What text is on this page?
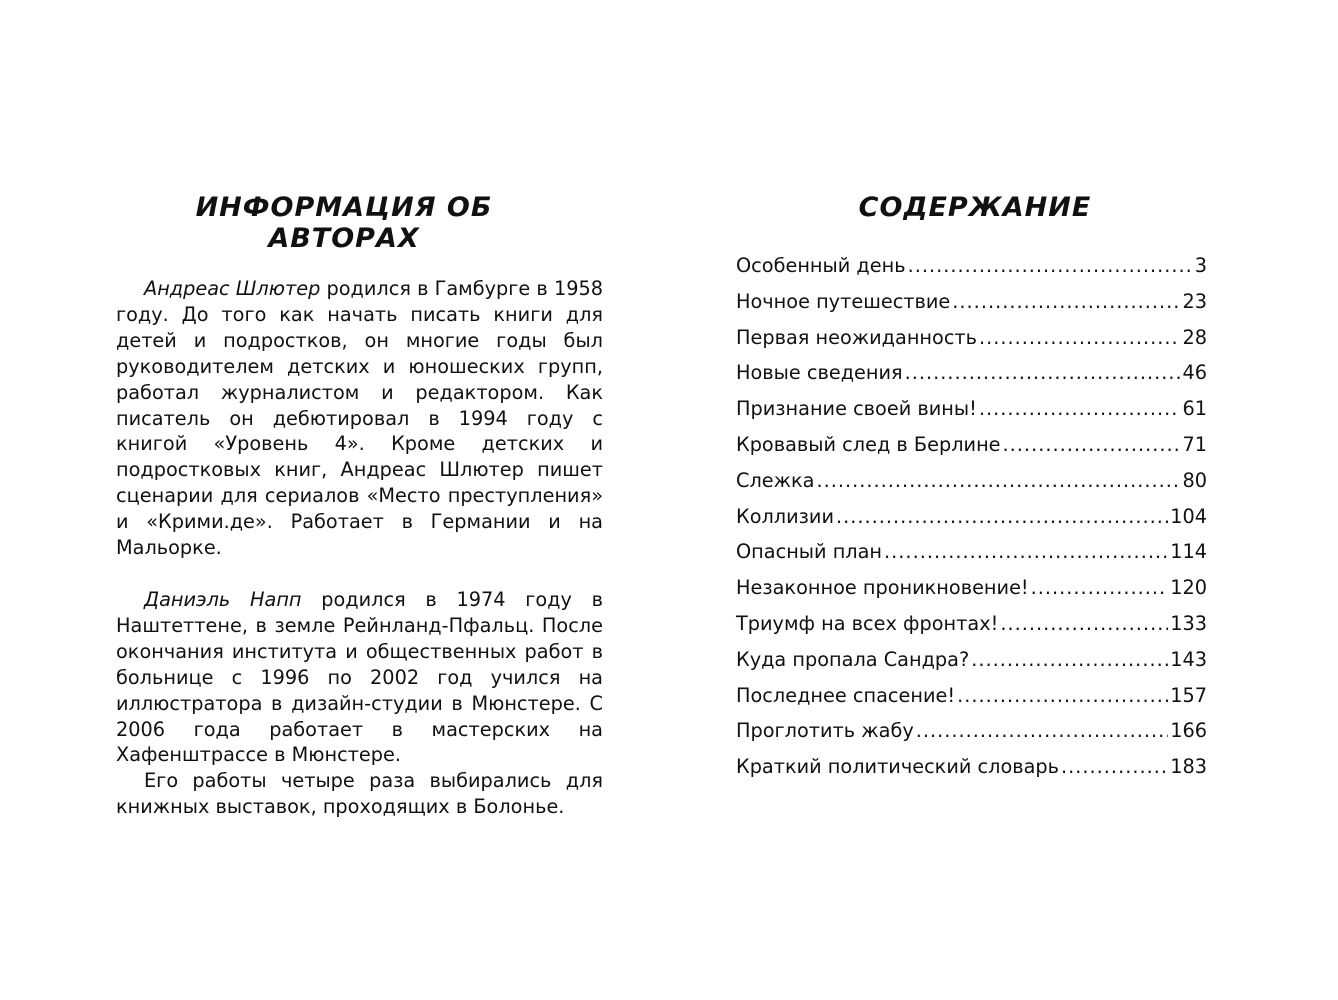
ИНФОРМАЦИЯ ОБ АВТОРАХ

Андреас Шлютер родился в Гамбурге в 1958 году. До того как начать писать книги для детей и подростков, он многие годы был руководителем детских и юношеских групп, работал журналистом и редактором. Как писатель он дебютировал в 1994 году с книгой «Уровень 4». Кроме детских и подростковых книг, Андреас Шлютер пишет сценарии для сериалов «Место преступления» и «Крими.де». Работает в Германии и на Мальорке.

Даниэль Напп родился в 1974 году в Наштеттене, в земле Рейнланд-Пфальц. После окончания института и общественных работ в больнице с 1996 по 2002 год учился на иллюстратора в дизайн-студии в Мюнстере. С 2006 года работает в мастерских на Хафенштрассе в Мюнстере.

Его работы четыре раза выбирались для книжных выставок, проходящих в Болонье.

СОДЕРЖАНИЕ
Особенный день .....	3
Ночное путешествие .....	23
Первая неожиданность .....	28
Новые сведения .....	46
Признание своей вины! .....	61
Кровавый след в Берлине .....	71
Слежка .....	80
Коллизии .....	104
Опасный план .....	114
Незаконное проникновение! .....	120
Триумф на всех фронтах! .....	133
Куда пропала Сандра? .....	143
Последнее спасение! .....	157
Проглотить жабу .....	166
Краткий политический словарь .....	183
